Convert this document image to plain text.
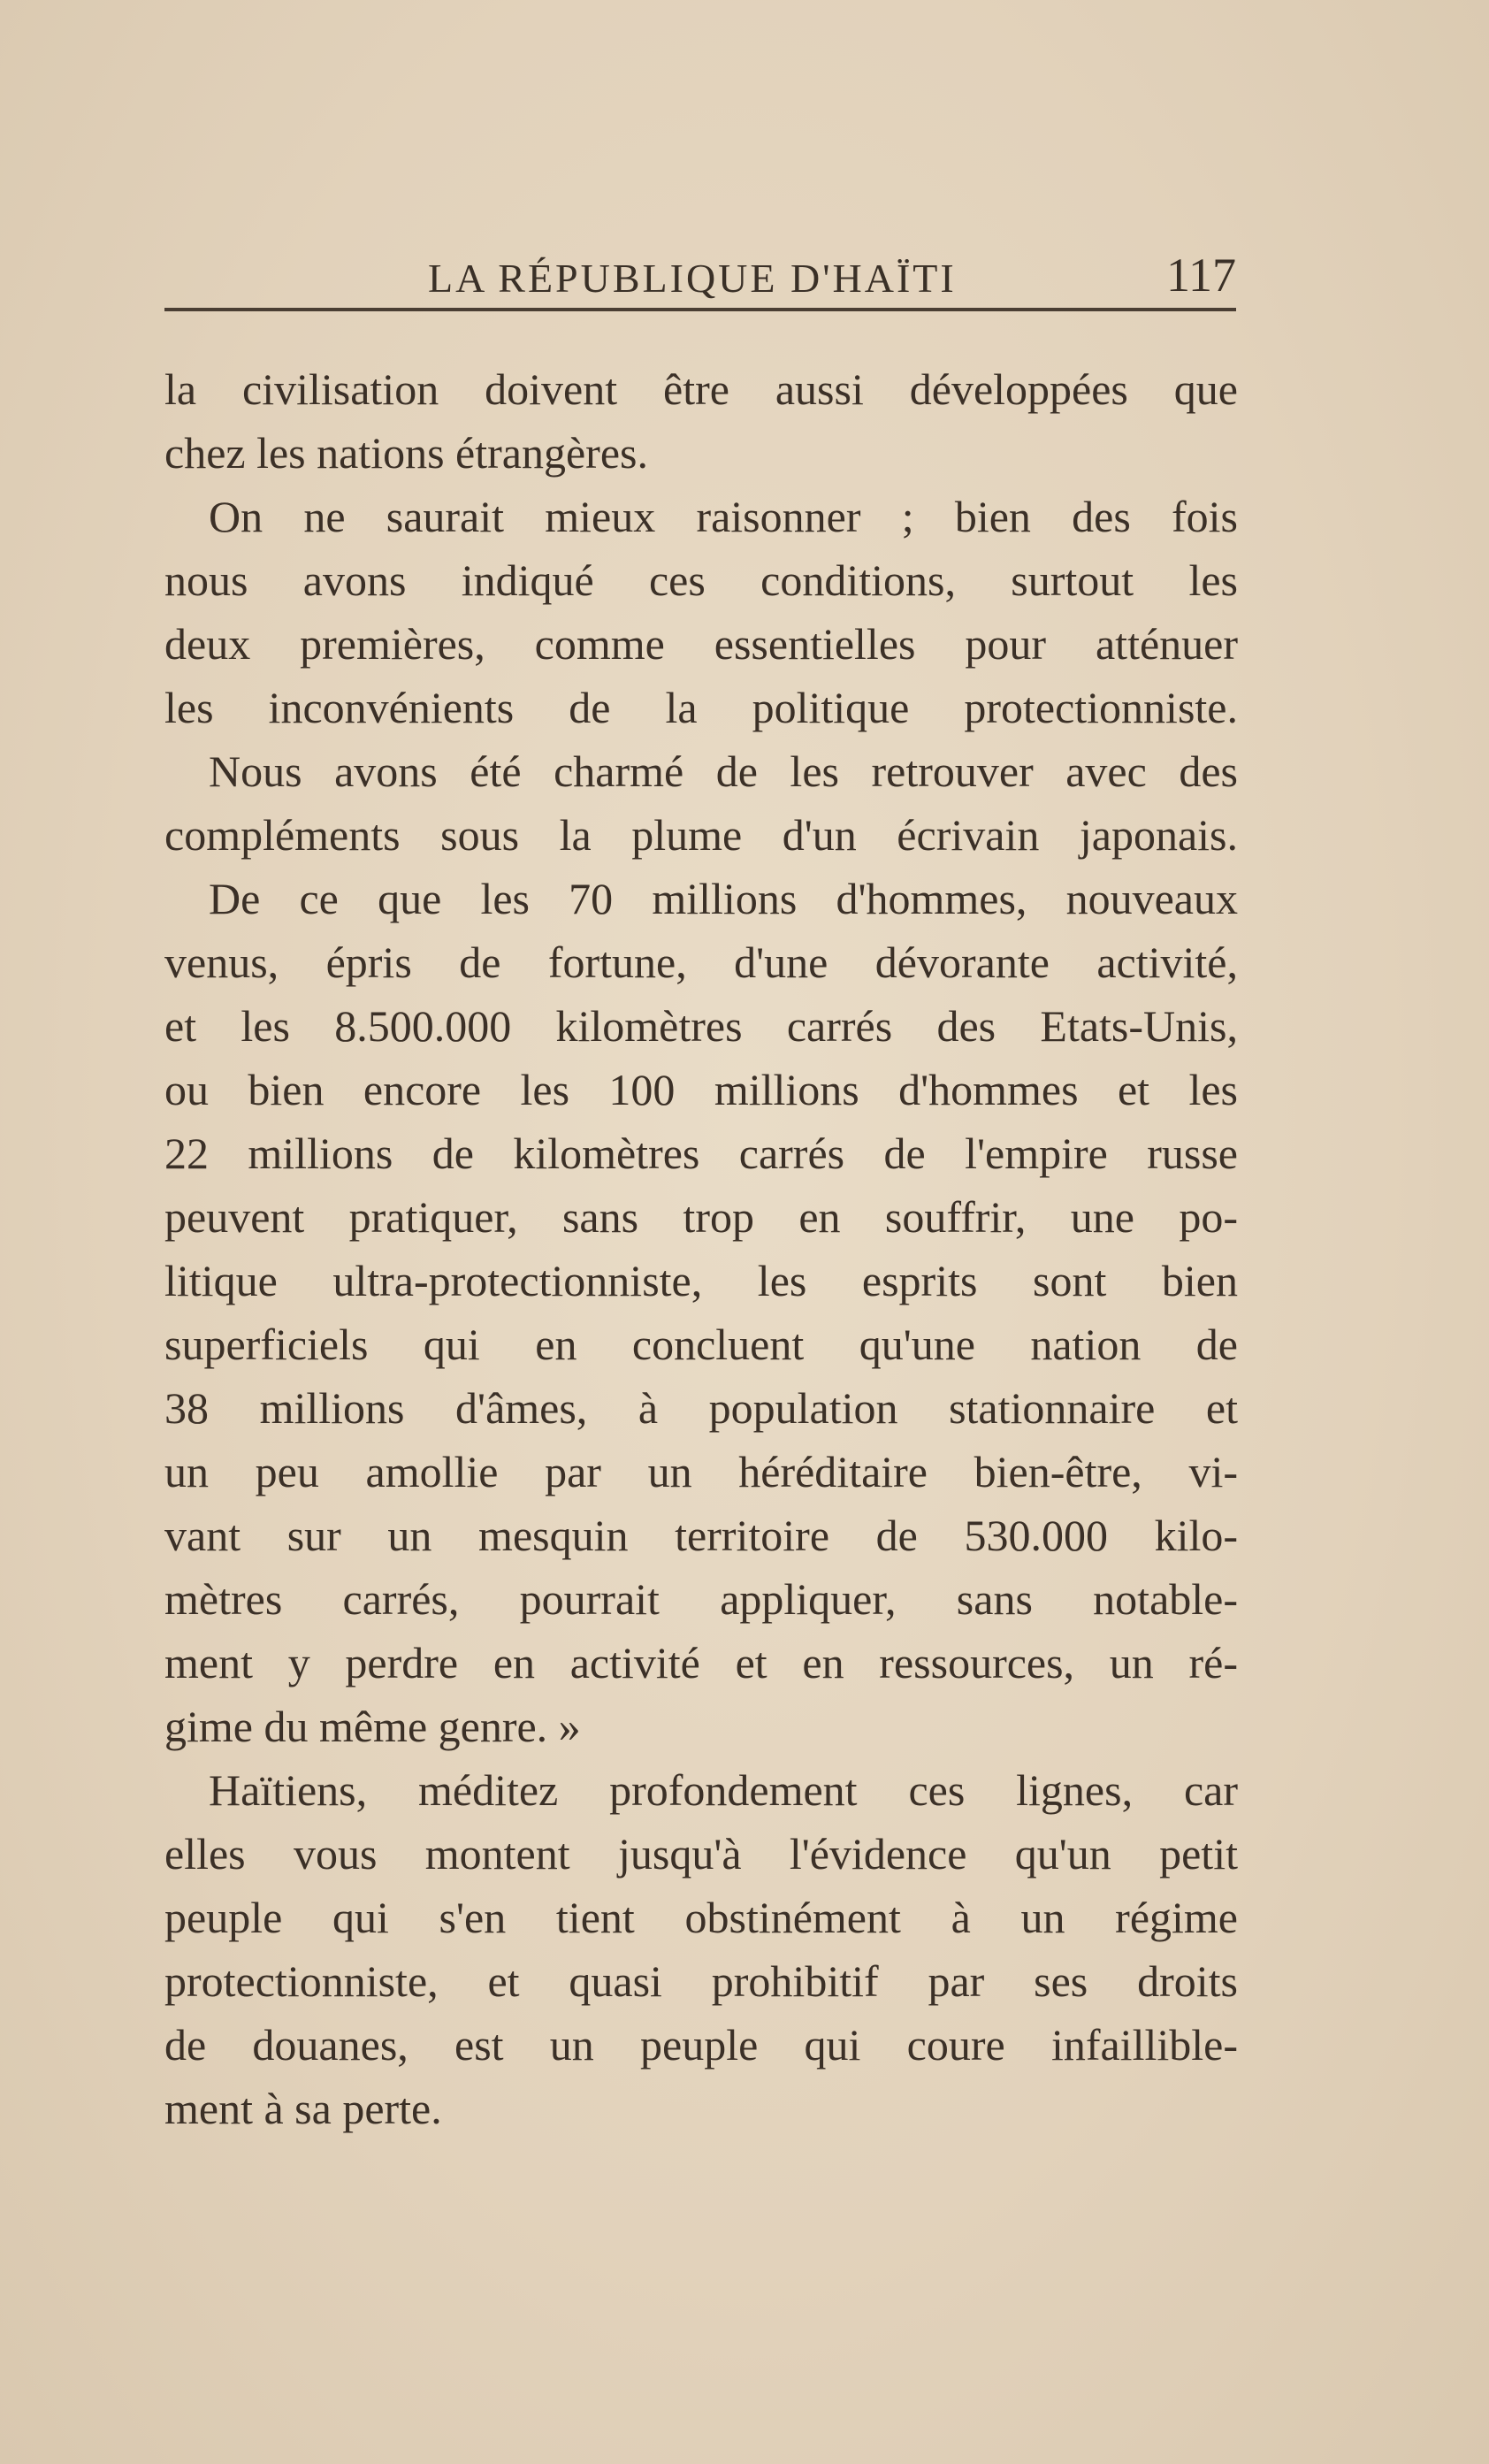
LA RÉPUBLIQUE D'HAÏTI	117
la civilisation doivent être aussi développées que
chez les nations étrangères.
On ne saurait mieux raisonner ; bien des fois
nous avons indiqué ces conditions, surtout les
deux premières, comme essentielles pour atténuer
les inconvénients de la politique protectionniste.
Nous avons été charmé de les retrouver avec des
compléments sous la plume d'un écrivain japonais.
De ce que les 70 millions d'hommes, nouveaux
venus, épris de fortune, d'une dévorante activité,
et les 8.500.000 kilomètres carrés des Etats-Unis,
ou bien encore les 100 millions d'hommes et les
22 millions de kilomètres carrés de l'empire russe
peuvent pratiquer, sans trop en souffrir, une po-
litique ultra-protectionniste, les esprits sont bien
superficiels qui en concluent qu'une nation de
38 millions d'âmes, à population stationnaire et
un peu amollie par un héréditaire bien-être, vi-
vant sur un mesquin territoire de 530.000 kilo-
mètres carrés, pourrait appliquer, sans notable-
ment y perdre en activité et en ressources, un ré-
gime du même genre. »
Haïtiens, méditez profondement ces lignes, car
elles vous montent jusqu'à l'évidence qu'un petit
peuple qui s'en tient obstinément à un régime
protectionniste, et quasi prohibitif par ses droits
de douanes, est un peuple qui coure infaillible-
ment à sa perte.
